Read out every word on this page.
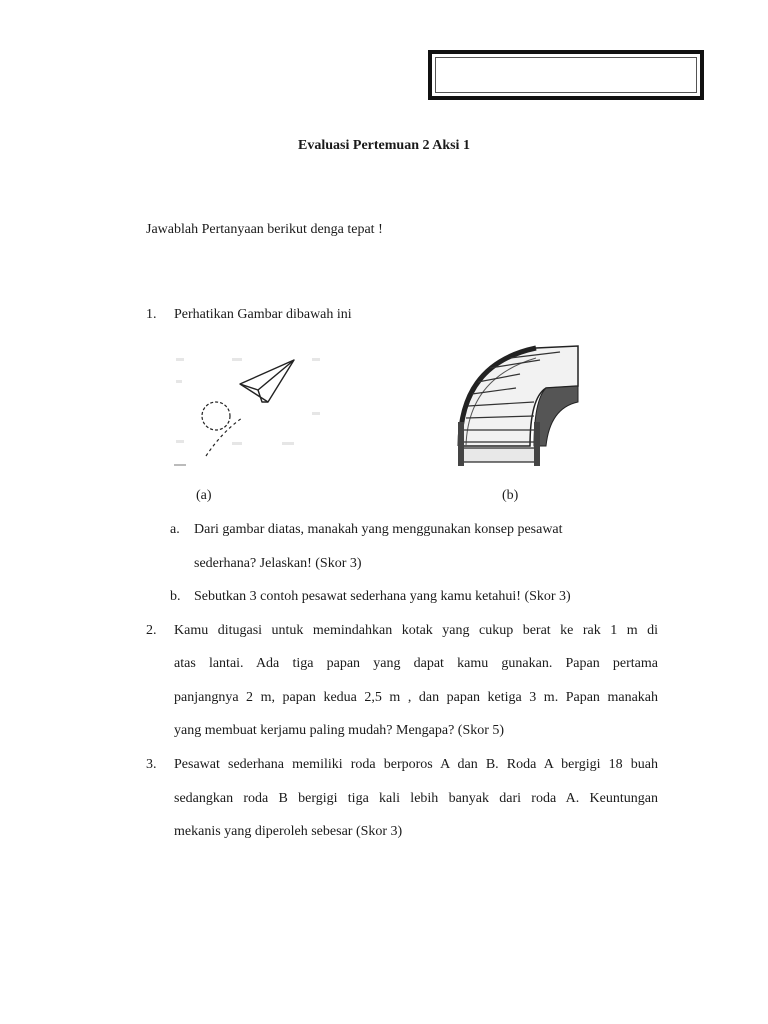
Evaluasi Pertemuan 2 Aksi 1
Jawablah Pertanyaan berikut denga tepat !
1. Perhatikan Gambar dibawah ini
(a)	(b)
a. Dari gambar diatas, manakah yang menggunakan konsep pesawat
sederhana? Jelaskan! (Skor 3)
b. Sebutkan 3 contoh pesawat sederhana yang kamu ketahui! (Skor 3)
2. Kamu ditugasi untuk memindahkan kotak yang cukup berat ke rak 1 m di
atas lantai. Ada tiga papan yang dapat kamu gunakan. Papan pertama
panjangnya 2 m, papan kedua 2,5 m , dan papan ketiga 3 m. Papan manakah
yang membuat kerjamu paling mudah? Mengapa? (Skor 5)
3. Pesawat sederhana memiliki roda berporos A dan B. Roda A bergigi 18 buah
sedangkan roda B bergigi tiga kali lebih banyak dari roda A. Keuntungan
mekanis yang diperoleh sebesar (Skor 3)
